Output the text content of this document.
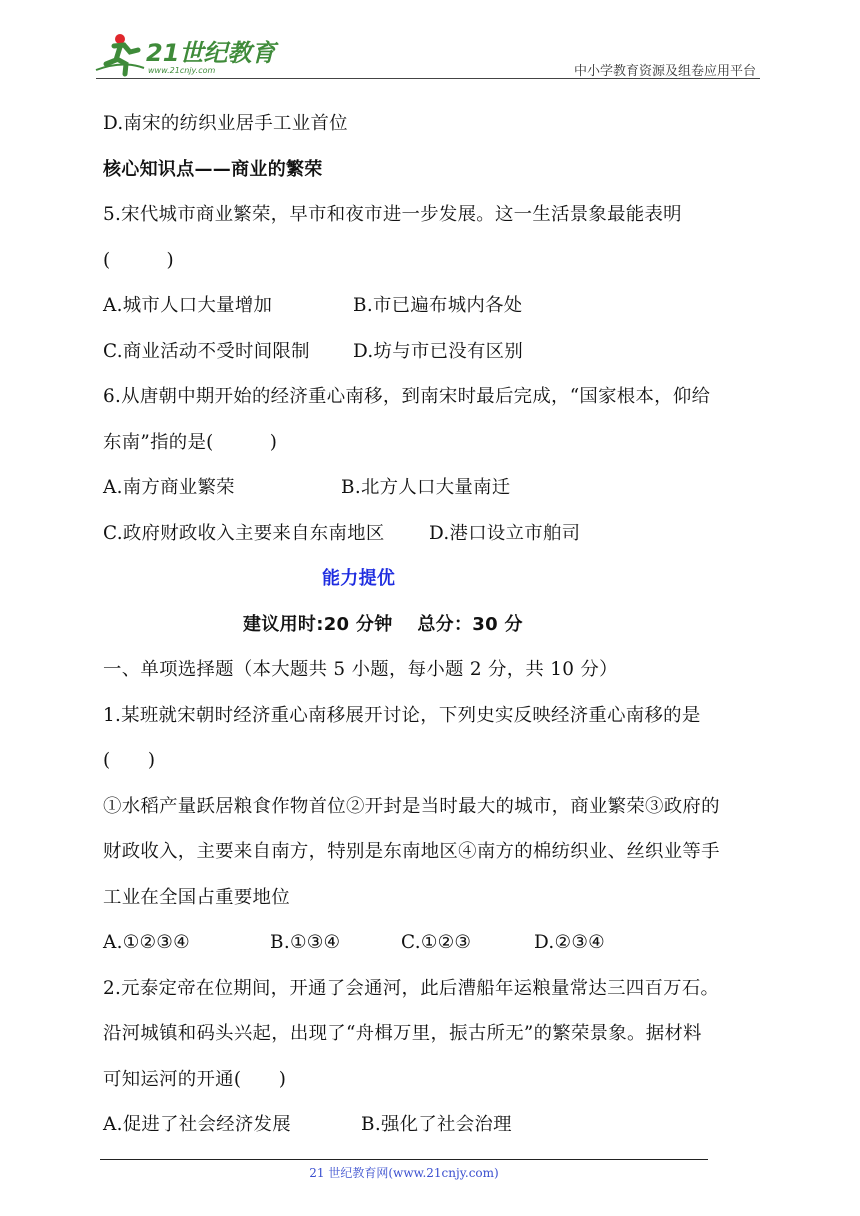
21世纪教育
www.21cnjy.com	中小学教育资源及组卷应用平台
D.南宋的纺织业居手工业首位
核心知识点——商业的繁荣
5.宋代城市商业繁荣，早市和夜市进一步发展。这一生活景象最能表明
(　　　)
A.城市人口大量增加	B.市已遍布城内各处
C.商业活动不受时间限制 D.坊与市已没有区别
6.从唐朝中期开始的经济重心南移，到南宋时最后完成，“国家根本，仰给
东南”指的是(　　　)
A.南方商业繁荣	B.北方人口大量南迁
C.政府财政收入主要来自东南地区 D.港口设立市舶司
能力提优
建议用时:20 分钟　 总分：30 分
一、单项选择题（本大题共 5 小题，每小题 2 分，共 10 分）
1.某班就宋朝时经济重心南移展开讨论，下列史实反映经济重心南移的是
(　　)
①水稻产量跃居粮食作物首位②开封是当时最大的城市，商业繁荣③政府的
财政收入，主要来自南方，特别是东南地区④南方的棉纺织业、丝织业等手
工业在全国占重要地位
A.①②③④	B.①③④	C.①②③	D.②③④
2.元泰定帝在位期间，开通了会通河，此后漕船年运粮量常达三四百万石。
沿河城镇和码头兴起，出现了“舟楫万里，振古所无”的繁荣景象。据材料
可知运河的开通(　　)
A.促进了社会经济发展	B.强化了社会治理
21 世纪教育网(www.21cnjy.com)
